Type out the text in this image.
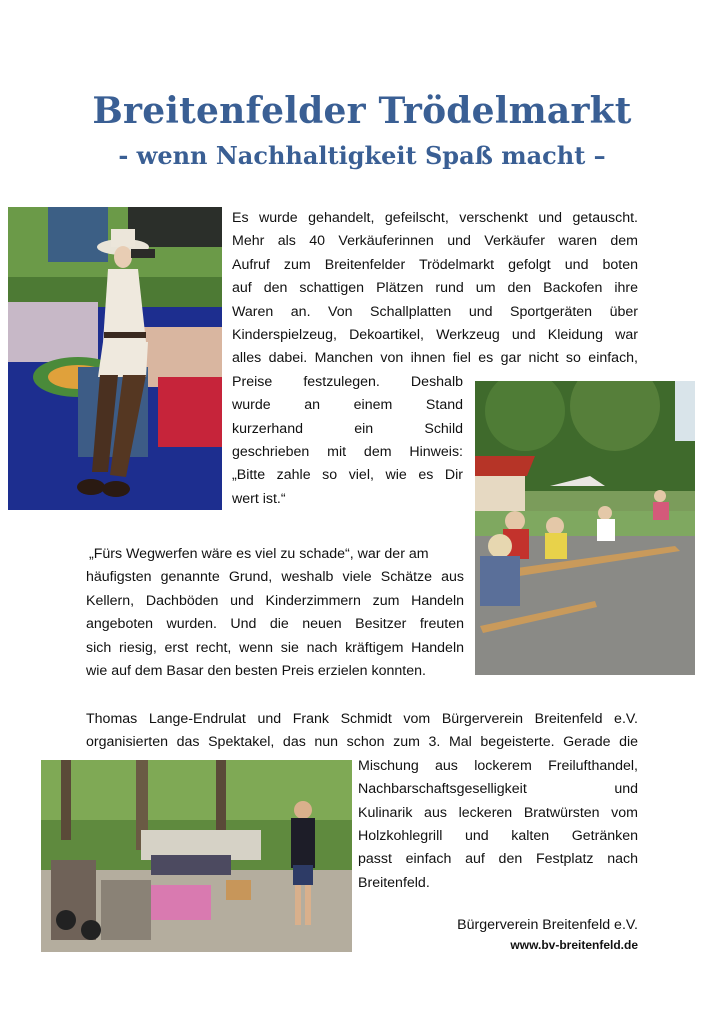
Breitenfelder Trödelmarkt
- wenn Nachhaltigkeit Spaß macht –
Es wurde gehandelt, gefeilscht, verschenkt und getauscht.
Mehr als 40 Verkäuferinnen und Verkäufer waren dem
Aufruf zum Breitenfelder Trödelmarkt gefolgt und boten
auf den schattigen Plätzen rund um den Backofen ihre
Waren an. Von Schallplatten und Sportgeräten über
Kinderspielzeug, Dekoartikel, Werkzeug und Kleidung war
alles dabei. Manchen von ihnen fiel es gar nicht so einfach,
Preise festzulegen. Deshalb
wurde an einem Stand
kurzerhand ein Schild
geschrieben mit dem Hinweis:
„Bitte zahle so viel, wie es Dir
wert ist.“
„Fürs Wegwerfen wäre es viel zu schade“, war der am
häufigsten genannte Grund, weshalb viele Schätze aus
Kellern, Dachböden und Kinderzimmern zum Handeln
angeboten wurden. Und die neuen Besitzer freuten
sich riesig, erst recht, wenn sie nach kräftigem Handeln
wie auf dem Basar den besten Preis erzielen konnten.
Thomas Lange-Endrulat und Frank Schmidt vom Bürgerverein Breitenfeld e.V.
organisierten das Spektakel, das nun schon zum 3. Mal begeisterte. Gerade die
Mischung aus lockerem Freilufthandel,
Nachbarschaftsgeselligkeit und
Kulinarik aus leckeren Bratwürsten vom
Holzkohlegrill und kalten Getränken
passt einfach auf den Festplatz nach
Breitenfeld.

Bürgerverein Breitenfeld e.V.

www.bv-breitenfeld.de
